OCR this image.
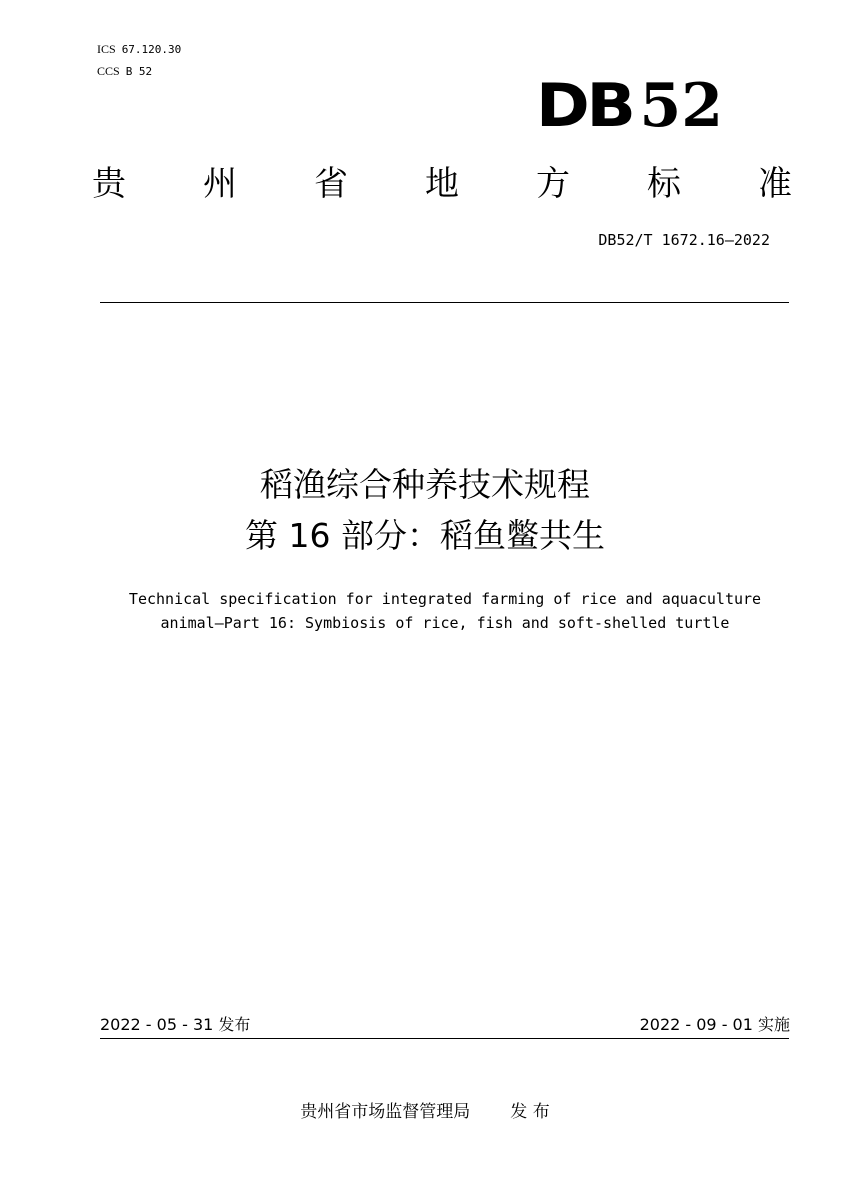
ICS 67.120.30
CCS B 52	DB 52
贵 州 省 地 方 标 准
DB52/T 1672.16—2022
稻渔综合种养技术规程
第 16 部分：稻鱼鳖共生
Technical specification for integrated farming of rice and aquaculture
animal—Part 16: Symbiosis of rice, fish and soft-shelled turtle
2022 - 05 - 31 发布	2022 - 09 - 01 实施
贵州省市场监督管理局 发 布
